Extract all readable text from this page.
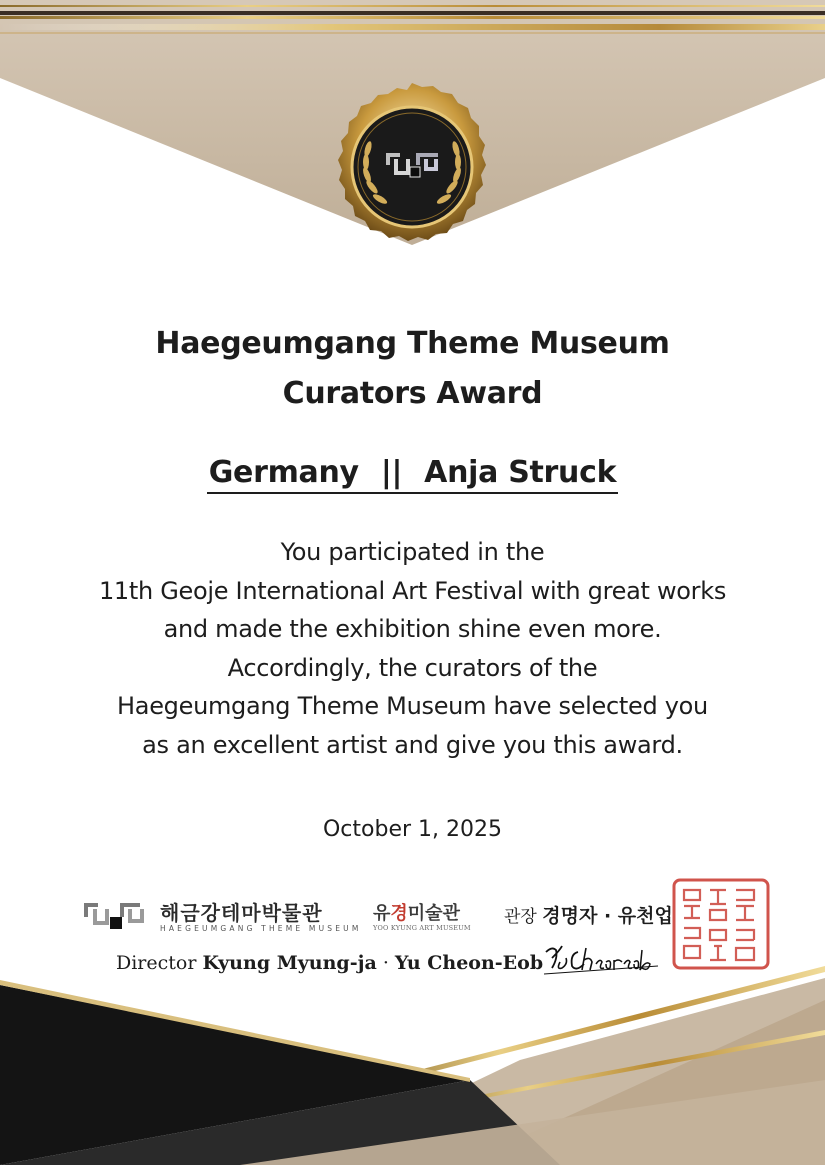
Haegeumgang Theme Museum
Curators Award
Germany || Anja Struck
You participated in the
11th Geoje International Art Festival with great works
and made the exhibition shine even more.
Accordingly, the curators of the
Haegeumgang Theme Museum have selected you
as an excellent artist and give you this award.
October 1, 2025
해금강테마박물관
HAEGEUMGANG THEME MUSEUM
유경미술관
YOO KYUNG ART MUSEUM
관장 경명자 · 유천업
Director Kyung Myung-ja · Yu Cheon-Eob
